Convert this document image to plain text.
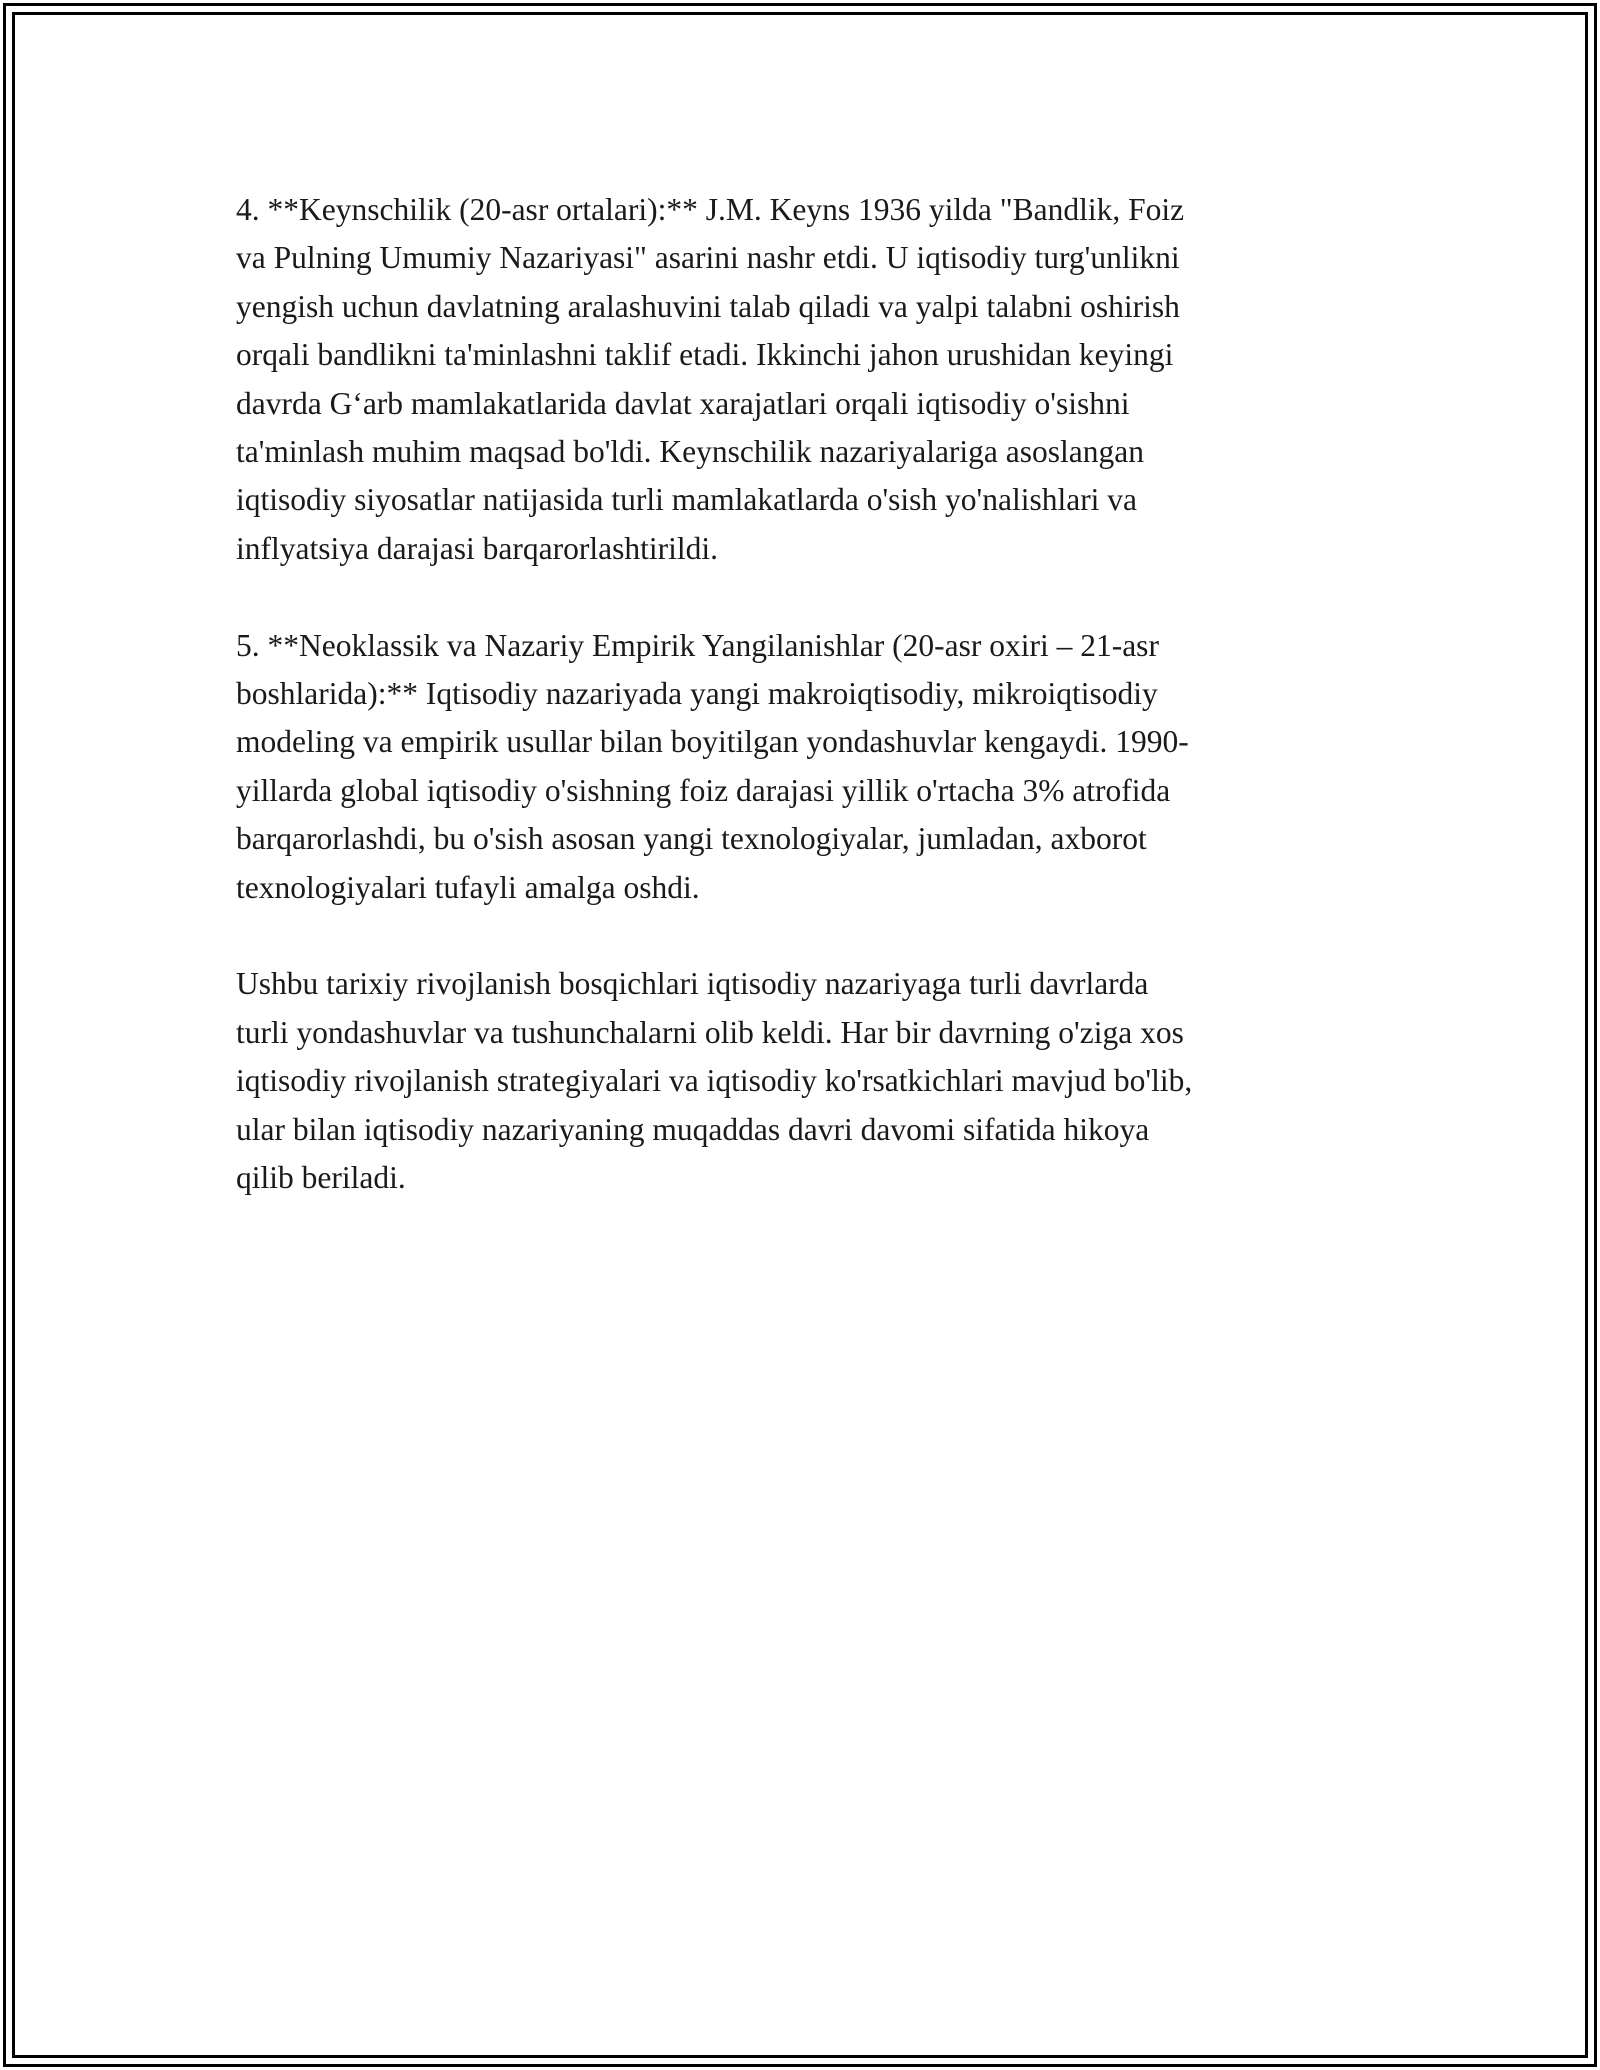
4. **Keynschilik (20-asr ortalari):** J.M. Keyns 1936 yilda "Bandlik, Foiz
va Pulning Umumiy Nazariyasi" asarini nashr etdi. U iqtisodiy turg'unlikni
yengish uchun davlatning aralashuvini talab qiladi va yalpi talabni oshirish
orqali bandlikni ta'minlashni taklif etadi. Ikkinchi jahon urushidan keyingi
davrda G‘arb mamlakatlarida davlat xarajatlari orqali iqtisodiy o'sishni
ta'minlash muhim maqsad bo'ldi. Keynschilik nazariyalariga asoslangan
iqtisodiy siyosatlar natijasida turli mamlakatlarda o'sish yo'nalishlari va
inflyatsiya darajasi barqarorlashtirildi.

5. **Neoklassik va Nazariy Empirik Yangilanishlar (20-asr oxiri – 21-asr
boshlarida):** Iqtisodiy nazariyada yangi makroiqtisodiy, mikroiqtisodiy
modeling va empirik usullar bilan boyitilgan yondashuvlar kengaydi. 1990-
yillarda global iqtisodiy o'sishning foiz darajasi yillik o'rtacha 3% atrofida
barqarorlashdi, bu o'sish asosan yangi texnologiyalar, jumladan, axborot
texnologiyalari tufayli amalga oshdi.

Ushbu tarixiy rivojlanish bosqichlari iqtisodiy nazariyaga turli davrlarda
turli yondashuvlar va tushunchalarni olib keldi. Har bir davrning o'ziga xos
iqtisodiy rivojlanish strategiyalari va iqtisodiy ko'rsatkichlari mavjud bo'lib,
ular bilan iqtisodiy nazariyaning muqaddas davri davomi sifatida hikoya
qilib beriladi.
